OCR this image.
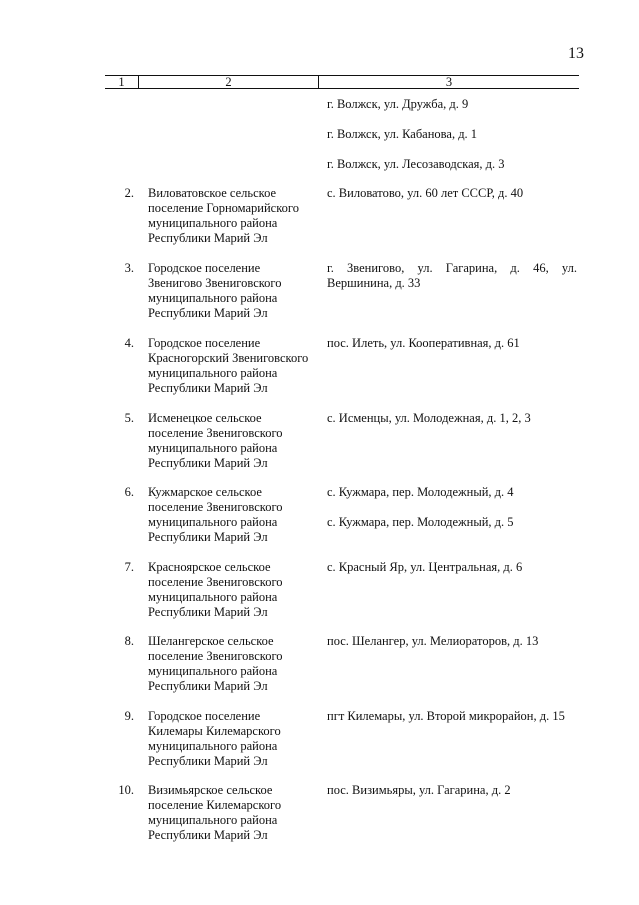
13
1	2	3
г. Волжск, ул. Дружба, д. 9
г. Волжск, ул. Кабанова, д. 1
г. Волжск, ул. Лесозаводская, д. 3
2. Виловатовское сельское
поселение Горномарийского
муниципального района
Республики Марий Эл
с. Виловатово, ул. 60 лет СССР, д. 40
3. Городское поселение
Звенигово Звениговского
муниципального района
Республики Марий Эл
г. Звенигово, ул. Гагарина, д. 46, ул. Вершинина, д. 33
4. Городское поселение
Красногорский Звениговского
муниципального района
Республики Марий Эл
пос. Илеть, ул. Кооперативная, д. 61
5. Исменецкое сельское
поселение Звениговского
муниципального района
Республики Марий Эл
с. Исменцы, ул. Молодежная, д. 1, 2, 3
6. Кужмарское сельское
поселение Звениговского
муниципального района
Республики Марий Эл
с. Кужмара, пер. Молодежный, д. 4
с. Кужмара, пер. Молодежный, д. 5
7. Красноярское сельское
поселение Звениговского
муниципального района
Республики Марий Эл
с. Красный Яр, ул. Центральная, д. 6
8. Шелангерское сельское
поселение Звениговского
муниципального района
Республики Марий Эл
пос. Шелангер, ул. Мелиораторов, д. 13
9. Городское поселение
Килемары Килемарского
муниципального района
Республики Марий Эл
пгт Килемары, ул. Второй микрорайон, д. 15
10. Визимьярское сельское
поселение Килемарского
муниципального района
Республики Марий Эл
пос. Визимьяры, ул. Гагарина, д. 2
